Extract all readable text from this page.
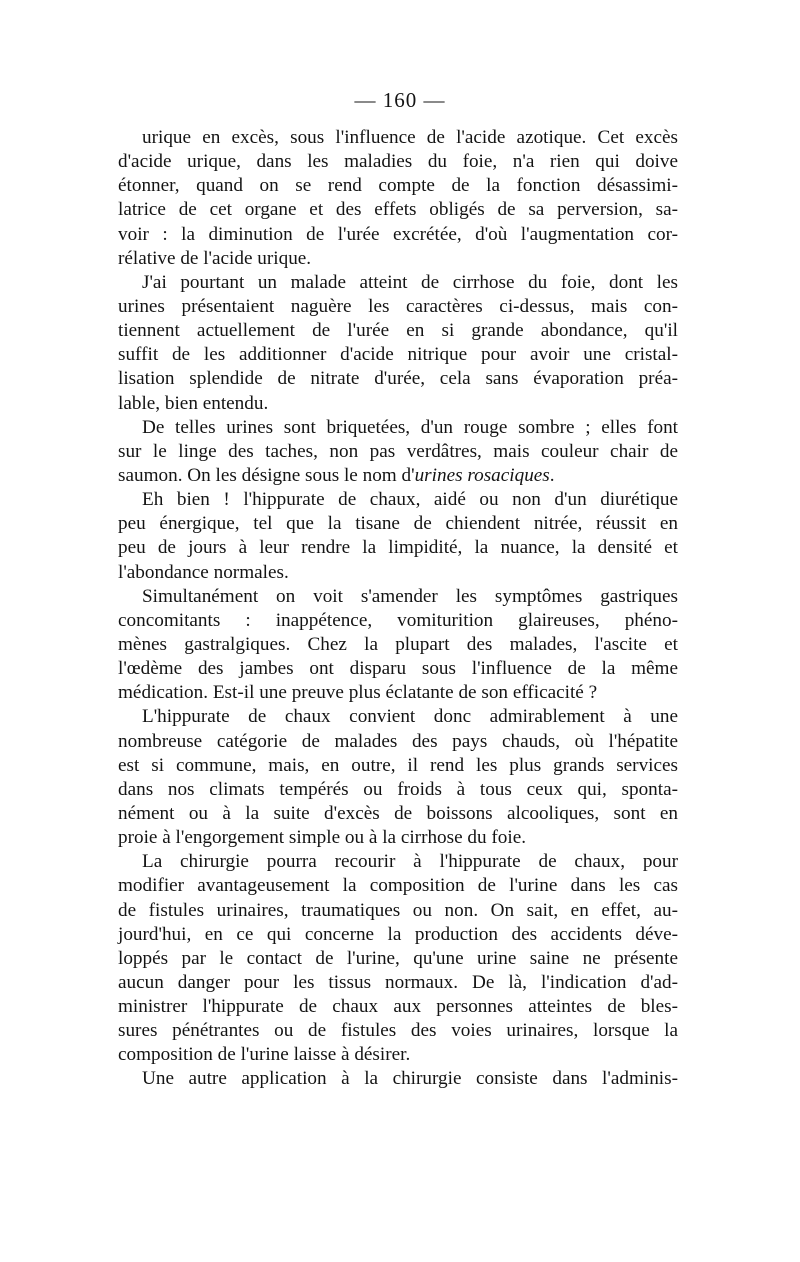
— 160 —
urique en excès, sous l'influence de l'acide azotique. Cet excès
d'acide urique, dans les maladies du foie, n'a rien qui doive
étonner, quand on se rend compte de la fonction désassimi-
latrice de cet organe et des effets obligés de sa perversion, sa-
voir : la diminution de l'urée excrétée, d'où l'augmentation cor-
rélative de l'acide urique.
J'ai pourtant un malade atteint de cirrhose du foie, dont les
urines présentaient naguère les caractères ci-dessus, mais con-
tiennent actuellement de l'urée en si grande abondance, qu'il
suffit de les additionner d'acide nitrique pour avoir une cristal-
lisation splendide de nitrate d'urée, cela sans évaporation préa-
lable, bien entendu.
De telles urines sont briquetées, d'un rouge sombre ; elles font
sur le linge des taches, non pas verdâtres, mais couleur chair de
saumon. On les désigne sous le nom d'urines rosaciques.
Eh bien ! l'hippurate de chaux, aidé ou non d'un diurétique
peu énergique, tel que la tisane de chiendent nitrée, réussit en
peu de jours à leur rendre la limpidité, la nuance, la densité et
l'abondance normales.
Simultanément on voit s'amender les symptômes gastriques
concomitants : inappétence, vomiturition glaireuses, phéno-
mènes gastralgiques. Chez la plupart des malades, l'ascite et
l'œdème des jambes ont disparu sous l'influence de la même
médication. Est-il une preuve plus éclatante de son efficacité ?
L'hippurate de chaux convient donc admirablement à une
nombreuse catégorie de malades des pays chauds, où l'hépatite
est si commune, mais, en outre, il rend les plus grands services
dans nos climats tempérés ou froids à tous ceux qui, sponta-
nément ou à la suite d'excès de boissons alcooliques, sont en
proie à l'engorgement simple ou à la cirrhose du foie.
La chirurgie pourra recourir à l'hippurate de chaux, pour
modifier avantageusement la composition de l'urine dans les cas
de fistules urinaires, traumatiques ou non. On sait, en effet, au-
jourd'hui, en ce qui concerne la production des accidents déve-
loppés par le contact de l'urine, qu'une urine saine ne présente
aucun danger pour les tissus normaux. De là, l'indication d'ad-
ministrer l'hippurate de chaux aux personnes atteintes de bles-
sures pénétrantes ou de fistules des voies urinaires, lorsque la
composition de l'urine laisse à désirer.
Une autre application à la chirurgie consiste dans l'adminis-
